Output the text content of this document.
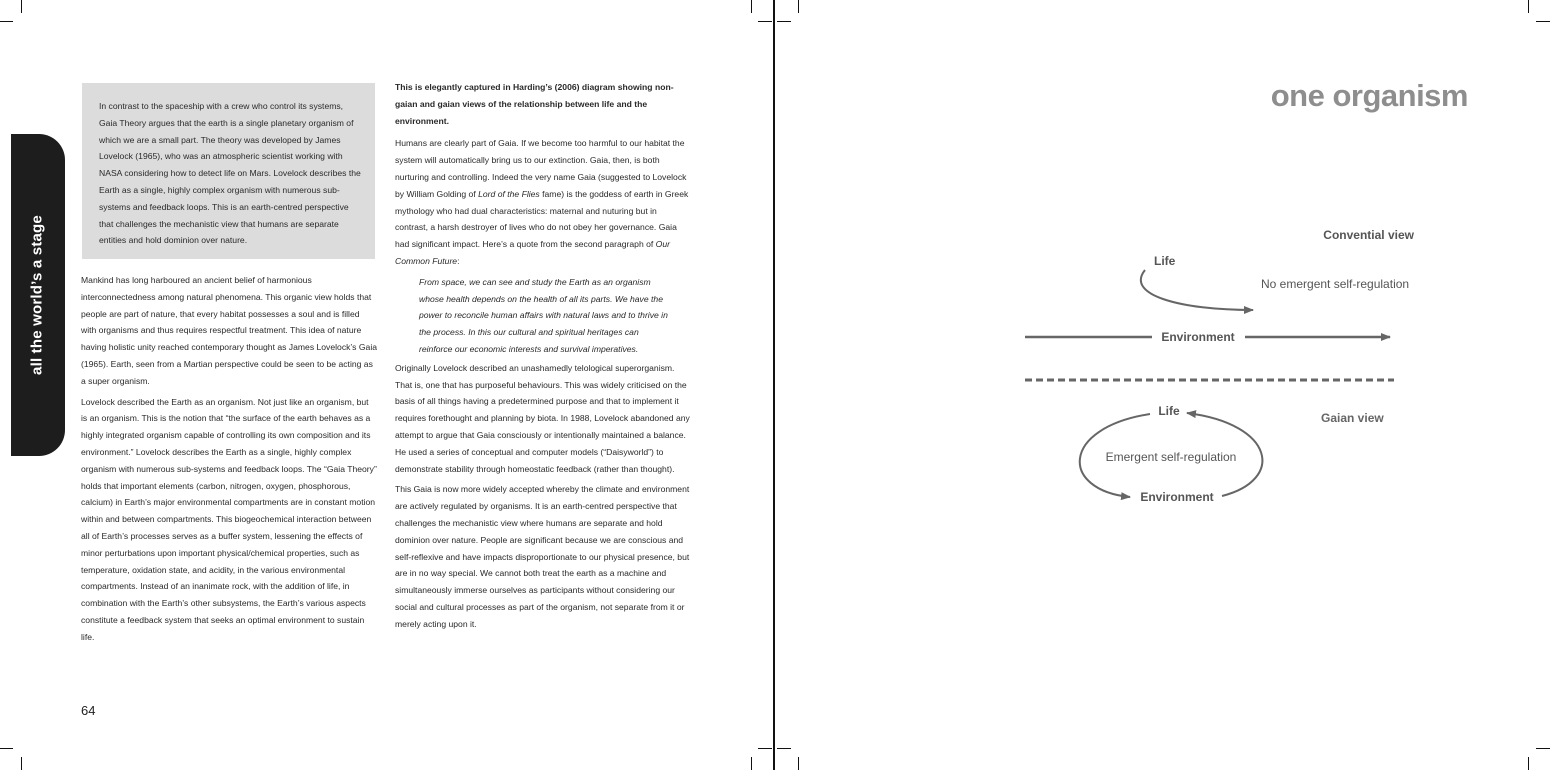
all the world’s a stage

In contrast to the spaceship with a crew who control its systems, Gaia Theory argues that the earth is a single planetary organism of which we are a small part. The theory was developed by James Lovelock (1965), who was an atmospheric scientist working with NASA considering how to detect life on Mars. Lovelock describes the Earth as a single, highly complex organism with numerous sub-systems and feedback loops. This is an earth-centred perspective that challenges the mechanistic view that humans are separate entities and hold dominion over nature.

Mankind has long harboured an ancient belief of harmonious interconnectedness among natural phenomena. This organic view holds that people are part of nature, that every habitat possesses a soul and is filled with organisms and thus requires respectful treatment. This idea of nature having holistic unity reached contemporary thought as James Lovelock’s Gaia (1965). Earth, seen from a Martian perspective could be seen to be acting as a super organism.

Lovelock described the Earth as an organism. Not just like an organism, but is an organism. This is the notion that “the surface of the earth behaves as a highly integrated organism capable of controlling its own composition and its environment.” Lovelock describes the Earth as a single, highly complex organism with numerous sub-systems and feedback loops. The “Gaia Theory” holds that important elements (carbon, nitrogen, oxygen, phosphorous, calcium) in Earth’s major environmental compartments are in constant motion within and between compartments. This biogeochemical interaction between all of Earth’s processes serves as a buffer system, lessening the effects of minor perturbations upon important physical/chemical properties, such as temperature, oxidation state, and acidity, in the various environmental compartments. Instead of an inanimate rock, with the addition of life, in combination with the Earth’s other subsystems, the Earth’s various aspects constitute a feedback system that seeks an optimal environment to sustain life.

This is elegantly captured in Harding’s (2006) diagram showing non-gaian and gaian views of the relationship between life and the environment.

Humans are clearly part of Gaia. If we become too harmful to our habitat the system will automatically bring us to our extinction. Gaia, then, is both nurturing and controlling. Indeed the very name Gaia (suggested to Lovelock by William Golding of Lord of the Flies fame) is the goddess of earth in Greek mythology who had dual characteristics: maternal and nuturing but in contrast, a harsh destroyer of lives who do not obey her governance. Gaia had significant impact. Here’s a quote from the second paragraph of Our Common Future:

From space, we can see and study the Earth as an organism whose health depends on the health of all its parts. We have the power to reconcile human affairs with natural laws and to thrive in the process. In this our cultural and spiritual heritages can reinforce our economic interests and survival imperatives.

Originally Lovelock described an unashamedly telological superorganism. That is, one that has purposeful behaviours. This was widely criticised on the basis of all things having a predetermined purpose and that to implement it requires forethought and planning by biota. In 1988, Lovelock abandoned any attempt to argue that Gaia consciously or intentionally maintained a balance. He used a series of conceptual and computer models (“Daisyworld”) to demonstrate stability through homeostatic feedback (rather than thought).

This Gaia is now more widely accepted whereby the climate and environment are actively regulated by organisms. It is an earth-centred perspective that challenges the mechanistic view where humans are separate and hold dominion over nature. People are significant because we are conscious and self-reflexive and have impacts disproportionate to our physical presence, but are in no way special. We cannot both treat the earth as a machine and simultaneously immerse ourselves as participants without considering our social and cultural processes as part of the organism, not separate from it or merely acting upon it.

64
one organism
Convential view
Life
No emergent self-regulation
Environment
Life	Gaian view
Emergent self-regulation
Environment
